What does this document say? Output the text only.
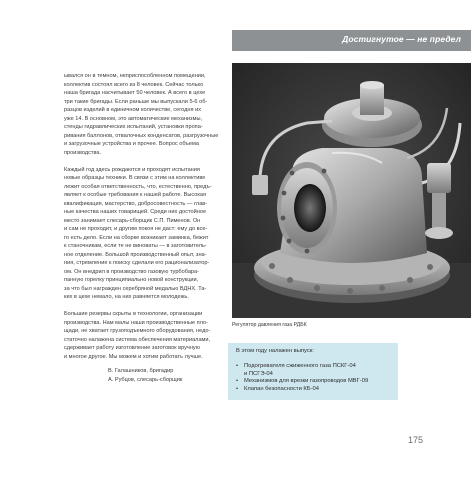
Достигнутое — не предел
ывался он в темном, неприспособленном помещении,
коллектив состоял всего из 8 человек. Сейчас только
наша бригада насчитывает 50 человек. А всего в цехе
три такие бригады. Если раньше мы выпускали 5-6 об-
разцов изделий в единичном количестве, сегодня их
уже 14. В основном, это автоматические механизмы,
стенды гидравлических испытаний, установки пропа-
ривания баллонов, отвалочных конденсатов, разгрузочные
и загрузочные устройства и прочее. Вопрос объема
производства.

Каждый год здесь рождаются и проходят испытания
новые образцы техники. В связи с этим на коллективе
лежит особая ответственность, что, естественно, предъ-
являет к особые требования к нашей работе. Высокая
квалификация, мастерство, добросовестность — глав-
ные качества наших товарищей. Среди них достойное
место занимает слесарь-сборщик С.П. Пименов. Он
и сам не проходит, и другим покоя не даст: ему до все-
го есть дело. Если на сборке возникает заминка, бежит
к станочникам, если те не виноваты — в заготовитель-
ное отделение. Большой производственный опыт, зна-
ния, стремление к поиску сделали его рационализатор-
ом. Он внедрил в производство газовую турбобара-
панную горелку принципиально новой конструкции,
за что был награжден серебряной медалью ВДНХ. Та-
ких в цехе немало, на них равняется молодежь.

Большие резервы скрыты в технологии, организации
производства. Нам малы наши производственные пло-
щади, не хватает грузоподъемного оборудования, недо-
статочно налажена система обеспечения материалами,
сдерживает работу изготовление заготовок вручную
и многое другое. Мы можем и хотим работать лучше.
В. Галашников, бригадир
А. Рубцов, слесарь-сборщик
Регулятор давления газа РДБК
В этом году налажен выпуск:
• Подогревателя сжиженного газа ПСКГ-04
и ПСГЭ-04
• Механизмов для врезки газопроводов МВГ-09
• Клапан безопасности КБ-04
175
